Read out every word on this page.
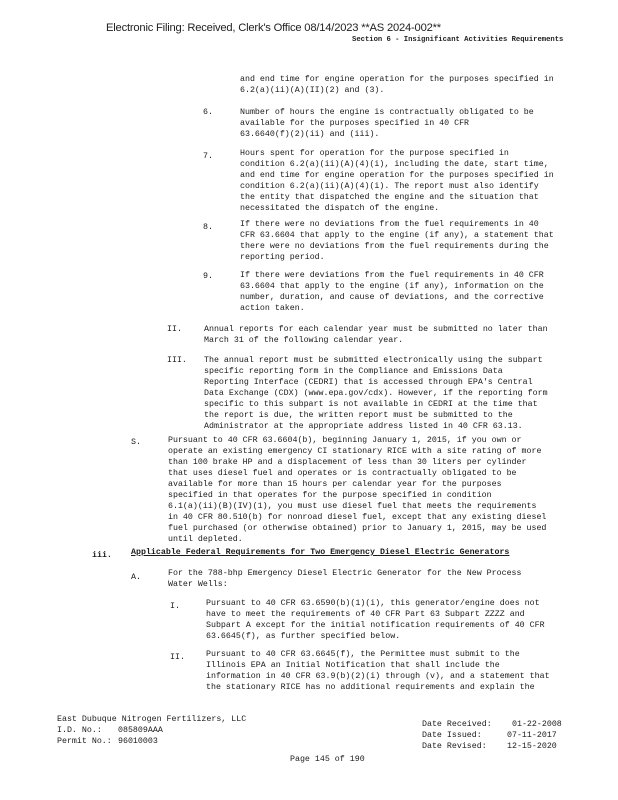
Electronic Filing: Received, Clerk's Office 08/14/2023 **AS 2024-002**
Section 6 - Insignificant Activities Requirements
and end time for engine operation for the purposes specified in
6.2(a)(ii)(A)(II)(2) and (3).
6.	Number of hours the engine is contractually obligated to be
available for the purposes specified in 40 CFR
63.6640(f)(2)(ii) and (iii).
7.	Hours spent for operation for the purpose specified in
condition 6.2(a)(ii)(A)(4)(i), including the date, start time,
and end time for engine operation for the purposes specified in
condition 6.2(a)(ii)(A)(4)(i). The report must also identify
the entity that dispatched the engine and the situation that
necessitated the dispatch of the engine.
8.	If there were no deviations from the fuel requirements in 40
CFR 63.6604 that apply to the engine (if any), a statement that
there were no deviations from the fuel requirements during the
reporting period.
9.	If there were deviations from the fuel requirements in 40 CFR
63.6604 that apply to the engine (if any), information on the
number, duration, and cause of deviations, and the corrective
action taken.
II.	Annual reports for each calendar year must be submitted no later than
March 31 of the following calendar year.
III. The annual report must be submitted electronically using the subpart
specific reporting form in the Compliance and Emissions Data
Reporting Interface (CEDRI) that is accessed through EPA's Central
Data Exchange (CDX) (www.epa.gov/cdx). However, if the reporting form
specific to this subpart is not available in CEDRI at the time that
the report is due, the written report must be submitted to the
Administrator at the appropriate address listed in 40 CFR 63.13.
S.	Pursuant to 40 CFR 63.6604(b), beginning January 1, 2015, if you own or
operate an existing emergency CI stationary RICE with a site rating of more
than 100 brake HP and a displacement of less than 30 liters per cylinder
that uses diesel fuel and operates or is contractually obligated to be
available for more than 15 hours per calendar year for the purposes
specified in that operates for the purpose specified in condition
6.1(a)(ii)(B)(IV)(1), you must use diesel fuel that meets the requirements
in 40 CFR 80.510(b) for nonroad diesel fuel, except that any existing diesel
fuel purchased (or otherwise obtained) prior to January 1, 2015, may be used
until depleted.
iii. Applicable Federal Requirements for Two Emergency Diesel Electric Generators
A.	For the 788-bhp Emergency Diesel Electric Generator for the New Process
Water Wells:
I.	Pursuant to 40 CFR 63.6590(b)(1)(i), this generator/engine does not
have to meet the requirements of 40 CFR Part 63 Subpart ZZZZ and
Subpart A except for the initial notification requirements of 40 CFR
63.6645(f), as further specified below.
II.	Pursuant to 40 CFR 63.6645(f), the Permittee must submit to the
Illinois EPA an Initial Notification that shall include the
information in 40 CFR 63.9(b)(2)(i) through (v), and a statement that
the stationary RICE has no additional requirements and explain the
East Dubuque Nitrogen Fertilizers, LLC
I.D. No.: 085809AAA
Permit No.: 96010003
Date Received: 01-22-2008
Date Issued:	07-11-2017
Date Revised: 12-15-2020
Page 145 of 190
